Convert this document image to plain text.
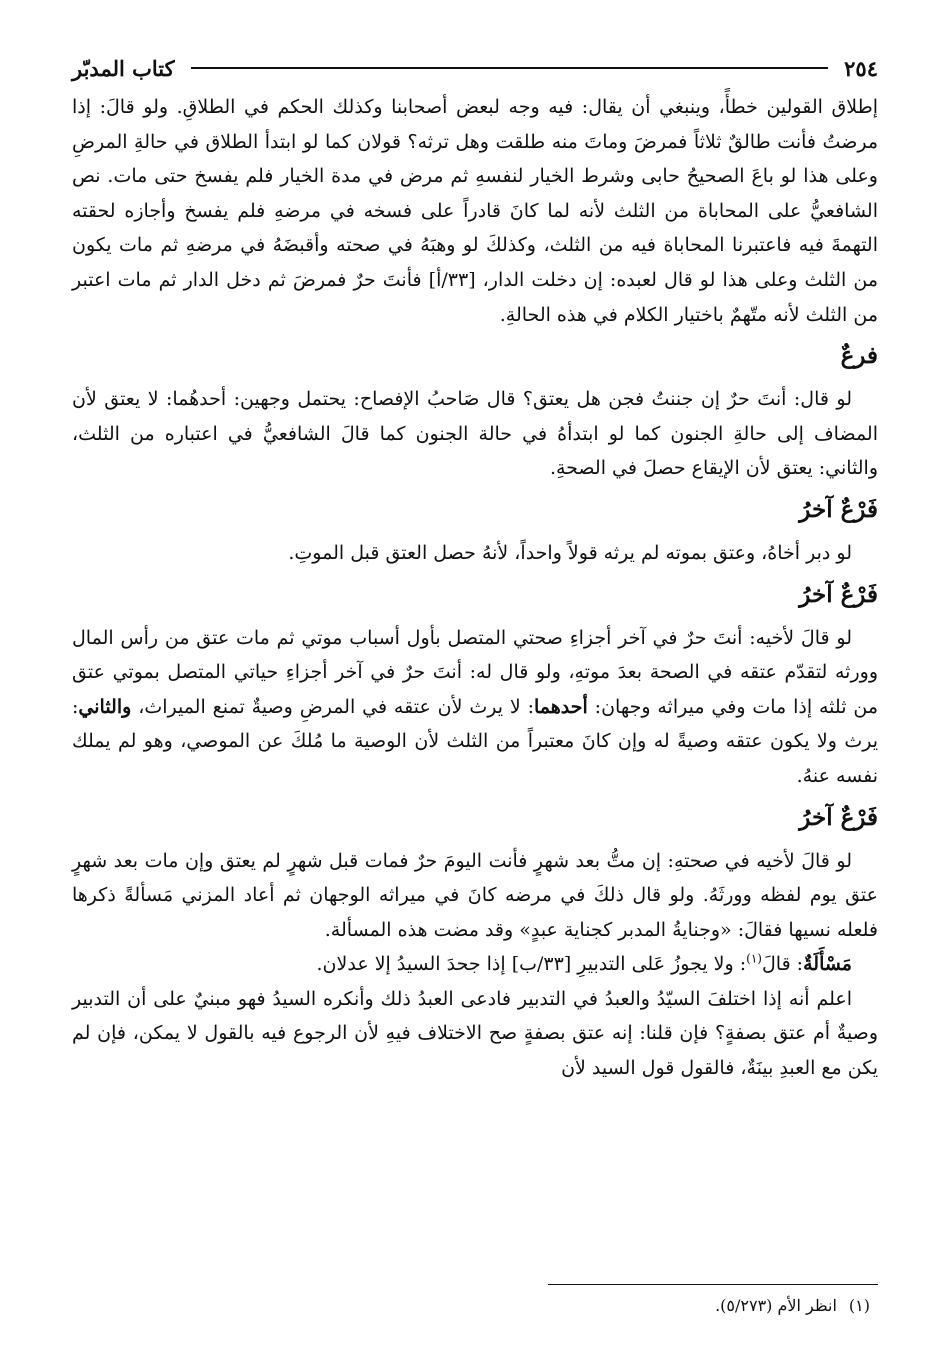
٢٥٤
كتاب المدبّر

إطلاق القولين خطأً، وينبغي أن يقال: فيه وجه لبعض أصحابنا وكذلك الحكم في الطلاقِ. ولو قالَ: إذا مرضتُ فأنت طالقٌ ثلاثاً فمرضَ وماتَ منه طلقت وهل ترثه؟ قولان كما لو ابتدأ الطلاق في حالةِ المرضِ وعلى هذا لو باعَ الصحيحُ حابى وشرط الخيار لنفسهِ ثم مرض في مدة الخيار فلم يفسخ حتى مات. نص الشافعيُّ على المحاباة من الثلث لأنه لما كانَ قادراً على فسخه في مرضهِ فلم يفسخ وأجازه لحقته التهمةَ فيه فاعتبرنا المحاباة فيه من الثلث، وكذلكَ لو وهبَهُ في صحته وأقبضَهُ في مرضهِ ثم مات يكون من الثلث وعلى هذا لو قال لعبده: إن دخلت الدار، [٣٣/أ] فأنتَ حرٌ فمرضَ ثم دخل الدار ثم مات اعتبر من الثلث لأنه متّهمٌ باختيار الكلام في هذه الحالةِ.

فرعٌ

لو قال: أنتَ حرٌ إن جننتُ فجن هل يعتق؟ قال صَاحبُ الإفصاح: يحتمل وجهين: أحدهُما: لا يعتق لأن المضاف إلى حالةِ الجنون كما لو ابتدأهُ في حالة الجنون كما قالَ الشافعيُّ في اعتباره من الثلث، والثاني: يعتق لأن الإيقاع حصلَ في الصحةِ.

فَرْعٌ آخرُ

لو دبر أخاهُ، وعتق بموته لم يرثه قولاً واحداً، لأنهُ حصل العتق قبل الموتِ.

فَرْعٌ آخرُ

لو قالَ لأخيه: أنتَ حرٌ في آخر أجزاءِ صحتي المتصل بأول أسباب موتي ثم مات عتق من رأس المال وورثه لتقدّم عتقه في الصحة بعدَ موتهِ، ولو قال له: أنتَ حرٌ في آخر أجزاءِ حياتي المتصل بموتي عتق من ثلثه إذا مات وفي ميراثه وجهان: أحدهما: لا يرث لأن عتقه في المرضِ وصيةٌ تمنع الميراث، والثاني: يرث ولا يكون عتقه وصيةً له وإن كانَ معتبراً من الثلث لأن الوصية ما مُلكَ عن الموصي، وهو لم يملك نفسه عنهُ.

فَرْعٌ آخرُ

لو قالَ لأخيه في صحتهِ: إن متُّ بعد شهرٍ فأنت اليومَ حرٌ فمات قبل شهرٍ لم يعتق وإن مات بعد شهرٍ عتق يوم لفظه وورثَهُ. ولو قال ذلكَ في مرضه كانَ في ميراثه الوجهان ثم أعاد المزني مَسألةً ذكرها فلعله نسيها فقالَ: «وجنايةُ المدبر كجناية عبدٍ» وقد مضت هذه المسألة.

مَسْأَلَةٌ: قالَ$^{(١)}$: ولا يجوزُ عَلى التدبيرِ [٣٣/ب] إذا جحدَ السيدُ إلا عدلان.

اعلم أنه إذا اختلفَ السيّدُ والعبدُ في التدبير فادعى العبدُ ذلك وأنكره السيدُ فهو مبنيٌ على أن التدبير وصيةٌ أم عتق بصفةٍ؟ فإن قلنا: إنه عتق بصفةٍ صح الاختلاف فيهِ لأن الرجوع فيه بالقول لا يمكن، فإن لم يكن مع العبدِ بينَةٌ، فالقول قول السيد لأن

(١)انظر الأم (٥/٢٧٣).
